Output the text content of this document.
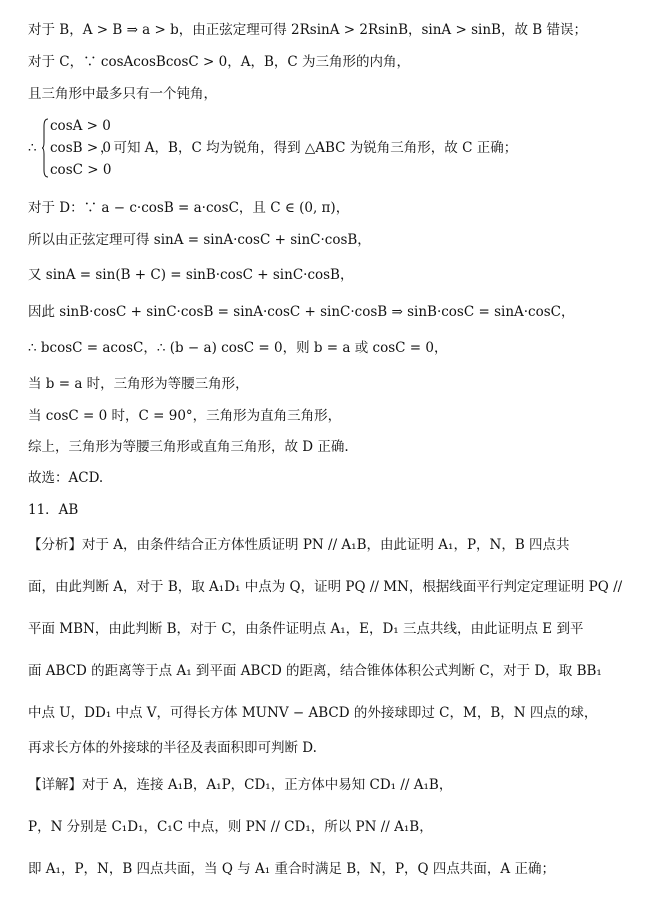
对于 B，A > B ⇒ a > b，由正弦定理可得 2RsinA > 2RsinB，sinA > sinB，故 B 错误；
对于 C，∵ cosAcosBcosC > 0，A，B，C 为三角形的内角，
且三角形中最多只有一个钝角，
∴
cosA > 0
cosB > 0
cosC > 0
，可知 A，B，C 均为锐角，得到 △ABC 为锐角三角形，故 C 正确；
对于 D：∵ a − c·cosB = a·cosC，且 C ∈ (0, π)，
所以由正弦定理可得 sinA = sinA·cosC + sinC·cosB，
又 sinA = sin(B + C) = sinB·cosC + sinC·cosB，
因此 sinB·cosC + sinC·cosB = sinA·cosC + sinC·cosB ⇒ sinB·cosC = sinA·cosC，
∴ bcosC = acosC，∴ (b − a) cosC = 0，则 b = a 或 cosC = 0，
当 b = a 时，三角形为等腰三角形，
当 cosC = 0 时，C = 90°，三角形为直角三角形，
综上，三角形为等腰三角形或直角三角形，故 D 正确.
故选：ACD.
11．AB
【分析】对于 A，由条件结合正方体性质证明 PN // A₁B，由此证明 A₁，P，N，B 四点共
面，由此判断 A，对于 B，取 A₁D₁ 中点为 Q，证明 PQ // MN，根据线面平行判定定理证明 PQ //
平面 MBN，由此判断 B，对于 C，由条件证明点 A₁，E，D₁ 三点共线，由此证明点 E 到平
面 ABCD 的距离等于点 A₁ 到平面 ABCD 的距离，结合锥体体积公式判断 C，对于 D，取 BB₁
中点 U，DD₁ 中点 V，可得长方体 MUNV − ABCD 的外接球即过 C，M，B，N 四点的球，
再求长方体的外接球的半径及表面积即可判断 D.
【详解】对于 A，连接 A₁B，A₁P，CD₁，正方体中易知 CD₁ // A₁B，
P，N 分别是 C₁D₁，C₁C 中点，则 PN // CD₁，所以 PN // A₁B，
即 A₁，P，N，B 四点共面，当 Q 与 A₁ 重合时满足 B，N，P，Q 四点共面，A 正确；
